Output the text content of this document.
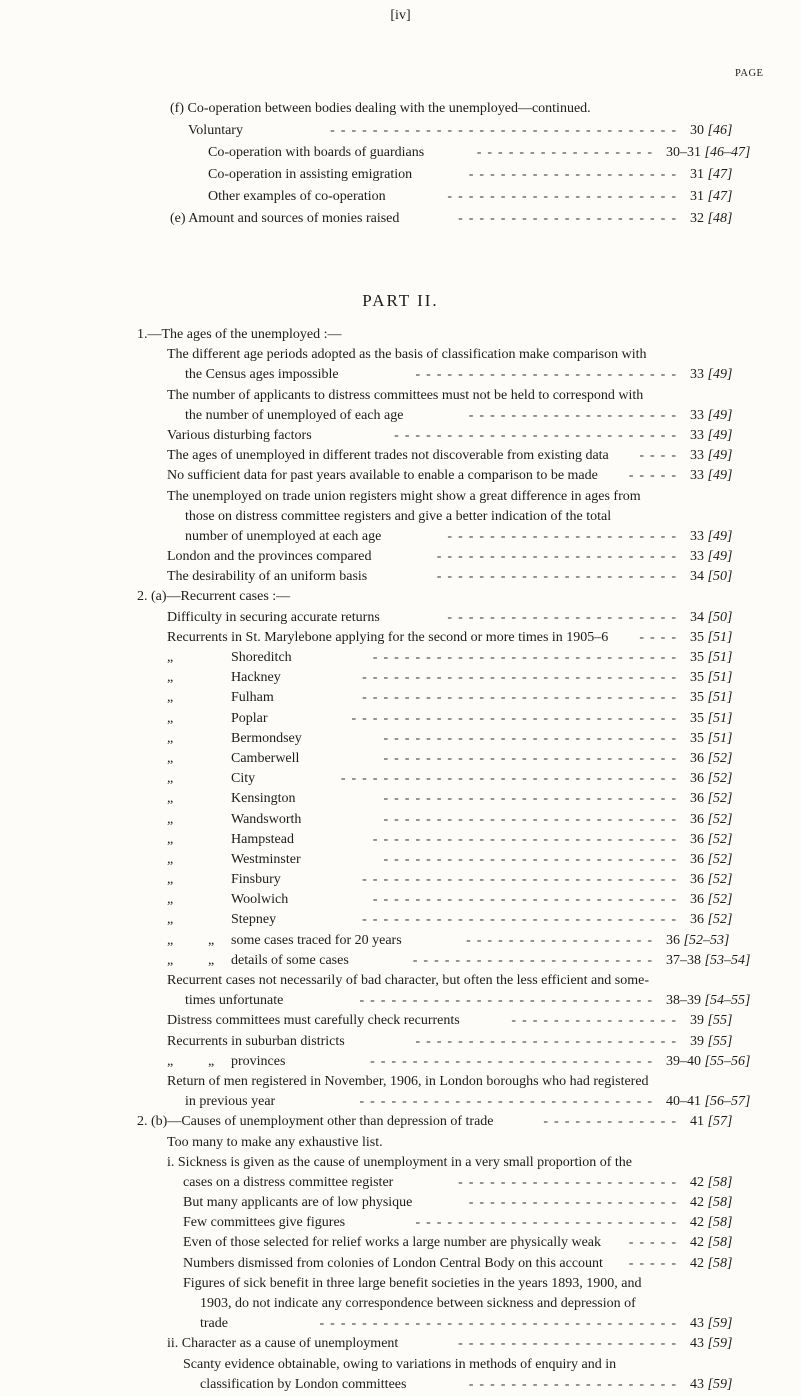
[iv]
PAGE
(f) Co-operation between bodies dealing with the unemployed—continued.
Voluntary	30 [46]
---------------------------------
Co-operation with boards of guardians	30–31 [46–47]
-----------------
Co-operation in assisting emigration	31 [47]
--------------------
Other examples of co-operation	31 [47]
----------------------
(e) Amount and sources of monies raised	32 [48]
---------------------
PART II.
1.—The ages of the unemployed :—
The different age periods adopted as the basis of classification make comparison with
the Census ages impossible	33 [49]
-------------------------
The number of applicants to distress committees must not be held to correspond with
the number of unemployed of each age	33 [49]
--------------------
Various disturbing factors	33 [49]
---------------------------
The ages of unemployed in different trades not discoverable from existing data	33 [49]
----
No sufficient data for past years available to enable a comparison to be made	33 [49]
-----
The unemployed on trade union registers might show a great difference in ages from
those on distress committee registers and give a better indication of the total
number of unemployed at each age	33 [49]
----------------------
London and the provinces compared	33 [49]
-----------------------
The desirability of an uniform basis	34 [50]
-----------------------
2. (a)—Recurrent cases :—
Difficulty in securing accurate returns	34 [50]
----------------------
Recurrents in St. Marylebone applying for the second or more times in 1905–6	35 [51]
----
„	Shoreditch	35 [51]
-----------------------------
„	Hackney	35 [51]
------------------------------
„	Fulham	35 [51]
------------------------------
„	Poplar	35 [51]
-------------------------------
„	Bermondsey	35 [51]
----------------------------
„	Camberwell	36 [52]
----------------------------
„	City	36 [52]
--------------------------------
„	Kensington	36 [52]
----------------------------
„	Wandsworth	36 [52]
----------------------------
„	Hampstead	36 [52]
-----------------------------
„	Westminster	36 [52]
----------------------------
„	Finsbury	36 [52]
------------------------------
„	Woolwich	36 [52]
-----------------------------
„	Stepney	36 [52]
------------------------------
„ „ some cases traced for 20 years	36 [52–53]
------------------
„ „ details of some cases	37–38 [53–54]
-----------------------
Recurrent cases not necessarily of bad character, but often the less efficient and some-
times unfortunate	38–39 [54–55]
----------------------------
Distress committees must carefully check recurrents	39 [55]
----------------
Recurrents in suburban districts	39 [55]
-------------------------
„ „ provinces	39–40 [55–56]
---------------------------
Return of men registered in November, 1906, in London boroughs who had registered
in previous year	40–41 [56–57]
----------------------------
2. (b)—Causes of unemployment other than depression of trade	41 [57]
-------------
Too many to make any exhaustive list.
i. Sickness is given as the cause of unemployment in a very small proportion of the
cases on a distress committee register	42 [58]
---------------------
But many applicants are of low physique	42 [58]
--------------------
Few committees give figures	42 [58]
-------------------------
Even of those selected for relief works a large number are physically weak	42 [58]
-----
Numbers dismissed from colonies of London Central Body on this account	42 [58]
-----
Figures of sick benefit in three large benefit societies in the years 1893, 1900, and
1903, do not indicate any correspondence between sickness and depression of
trade	43 [59]
----------------------------------
ii. Character as a cause of unemployment	43 [59]
---------------------
Scanty evidence obtainable, owing to variations in methods of enquiry and in
classification by London committees	43 [59]
--------------------
